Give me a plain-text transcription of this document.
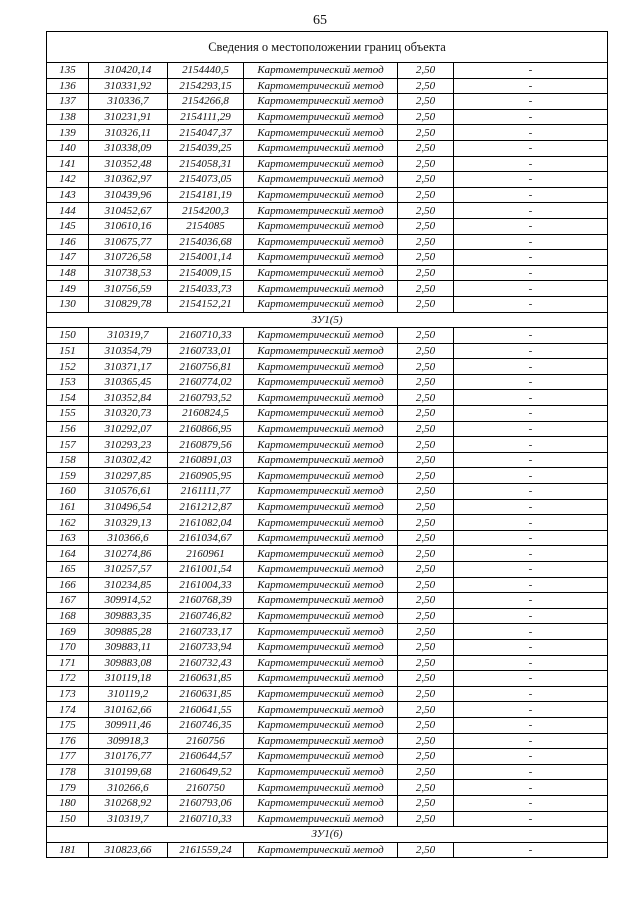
65
Сведения о местоположении границ объекта					
135	310420,14	2154440,5	Картометрический метод	2,50	-
136	310331,92	2154293,15	Картометрический метод	2,50	-
137	310336,7	2154266,8	Картометрический метод	2,50	-
138	310231,91	2154111,29	Картометрический метод	2,50	-
139	310326,11	2154047,37	Картометрический метод	2,50	-
140	310338,09	2154039,25	Картометрический метод	2,50	-
141	310352,48	2154058,31	Картометрический метод	2,50	-
142	310362,97	2154073,05	Картометрический метод	2,50	-
143	310439,96	2154181,19	Картометрический метод	2,50	-
144	310452,67	2154200,3	Картометрический метод	2,50	-
145	310610,16	2154085	Картометрический метод	2,50	-
146	310675,77	2154036,68	Картометрический метод	2,50	-
147	310726,58	2154001,14	Картометрический метод	2,50	-
148	310738,53	2154009,15	Картометрический метод	2,50	-
149	310756,59	2154033,73	Картометрический метод	2,50	-
130	310829,78	2154152,21	Картометрический метод	2,50	-
ЗУ1(5)					
150	310319,7	2160710,33	Картометрический метод	2,50	-
151	310354,79	2160733,01	Картометрический метод	2,50	-
152	310371,17	2160756,81	Картометрический метод	2,50	-
153	310365,45	2160774,02	Картометрический метод	2,50	-
154	310352,84	2160793,52	Картометрический метод	2,50	-
155	310320,73	2160824,5	Картометрический метод	2,50	-
156	310292,07	2160866,95	Картометрический метод	2,50	-
157	310293,23	2160879,56	Картометрический метод	2,50	-
158	310302,42	2160891,03	Картометрический метод	2,50	-
159	310297,85	2160905,95	Картометрический метод	2,50	-
160	310576,61	2161111,77	Картометрический метод	2,50	-
161	310496,54	2161212,87	Картометрический метод	2,50	-
162	310329,13	2161082,04	Картометрический метод	2,50	-
163	310366,6	2161034,67	Картометрический метод	2,50	-
164	310274,86	2160961	Картометрический метод	2,50	-
165	310257,57	2161001,54	Картометрический метод	2,50	-
166	310234,85	2161004,33	Картометрический метод	2,50	-
167	309914,52	2160768,39	Картометрический метод	2,50	-
168	309883,35	2160746,82	Картометрический метод	2,50	-
169	309885,28	2160733,17	Картометрический метод	2,50	-
170	309883,11	2160733,94	Картометрический метод	2,50	-
171	309883,08	2160732,43	Картометрический метод	2,50	-
172	310119,18	2160631,85	Картометрический метод	2,50	-
173	310119,2	2160631,85	Картометрический метод	2,50	-
174	310162,66	2160641,55	Картометрический метод	2,50	-
175	309911,46	2160746,35	Картометрический метод	2,50	-
176	309918,3	2160756	Картометрический метод	2,50	-
177	310176,77	2160644,57	Картометрический метод	2,50	-
178	310199,68	2160649,52	Картометрический метод	2,50	-
179	310266,6	2160750	Картометрический метод	2,50	-
180	310268,92	2160793,06	Картометрический метод	2,50	-
150	310319,7	2160710,33	Картометрический метод	2,50	-
ЗУ1(6)					
181	310823,66	2161559,24	Картометрический метод	2,50	-
